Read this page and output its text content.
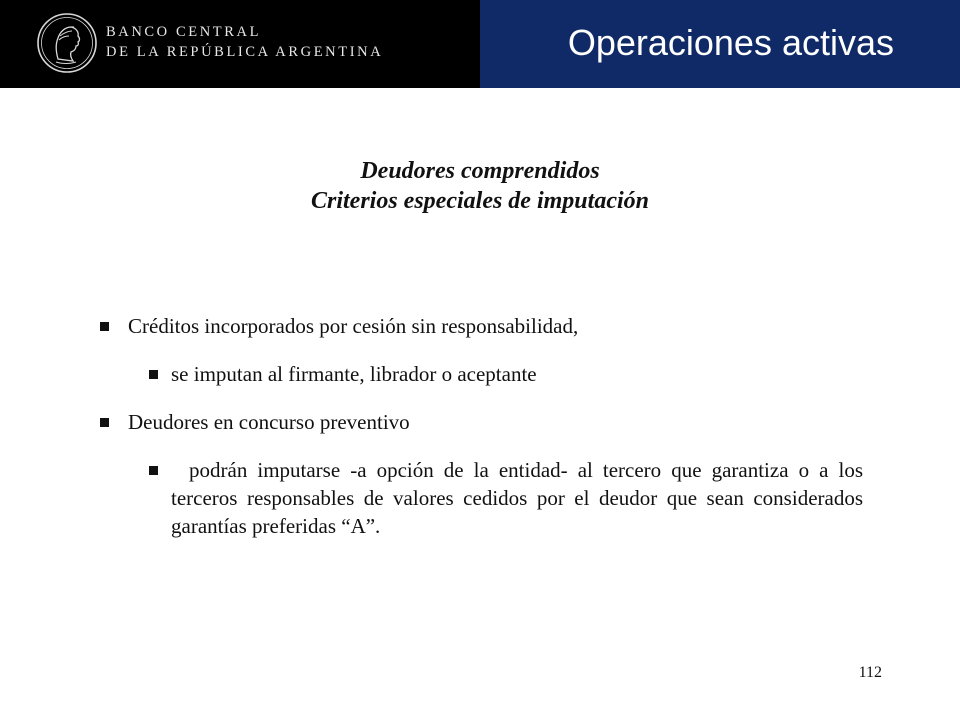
BANCO CENTRAL
DE LA REPÚBLICA ARGENTINA	Operaciones activas
Deudores comprendidos
Criterios especiales de imputación
Créditos incorporados por cesión sin responsabilidad,
se imputan al firmante, librador o aceptante
Deudores en concurso preventivo
podrán imputarse -a opción de la entidad- al tercero que garantiza o a los terceros responsables de valores cedidos por el deudor que sean considerados garantías preferidas “A”.
112
